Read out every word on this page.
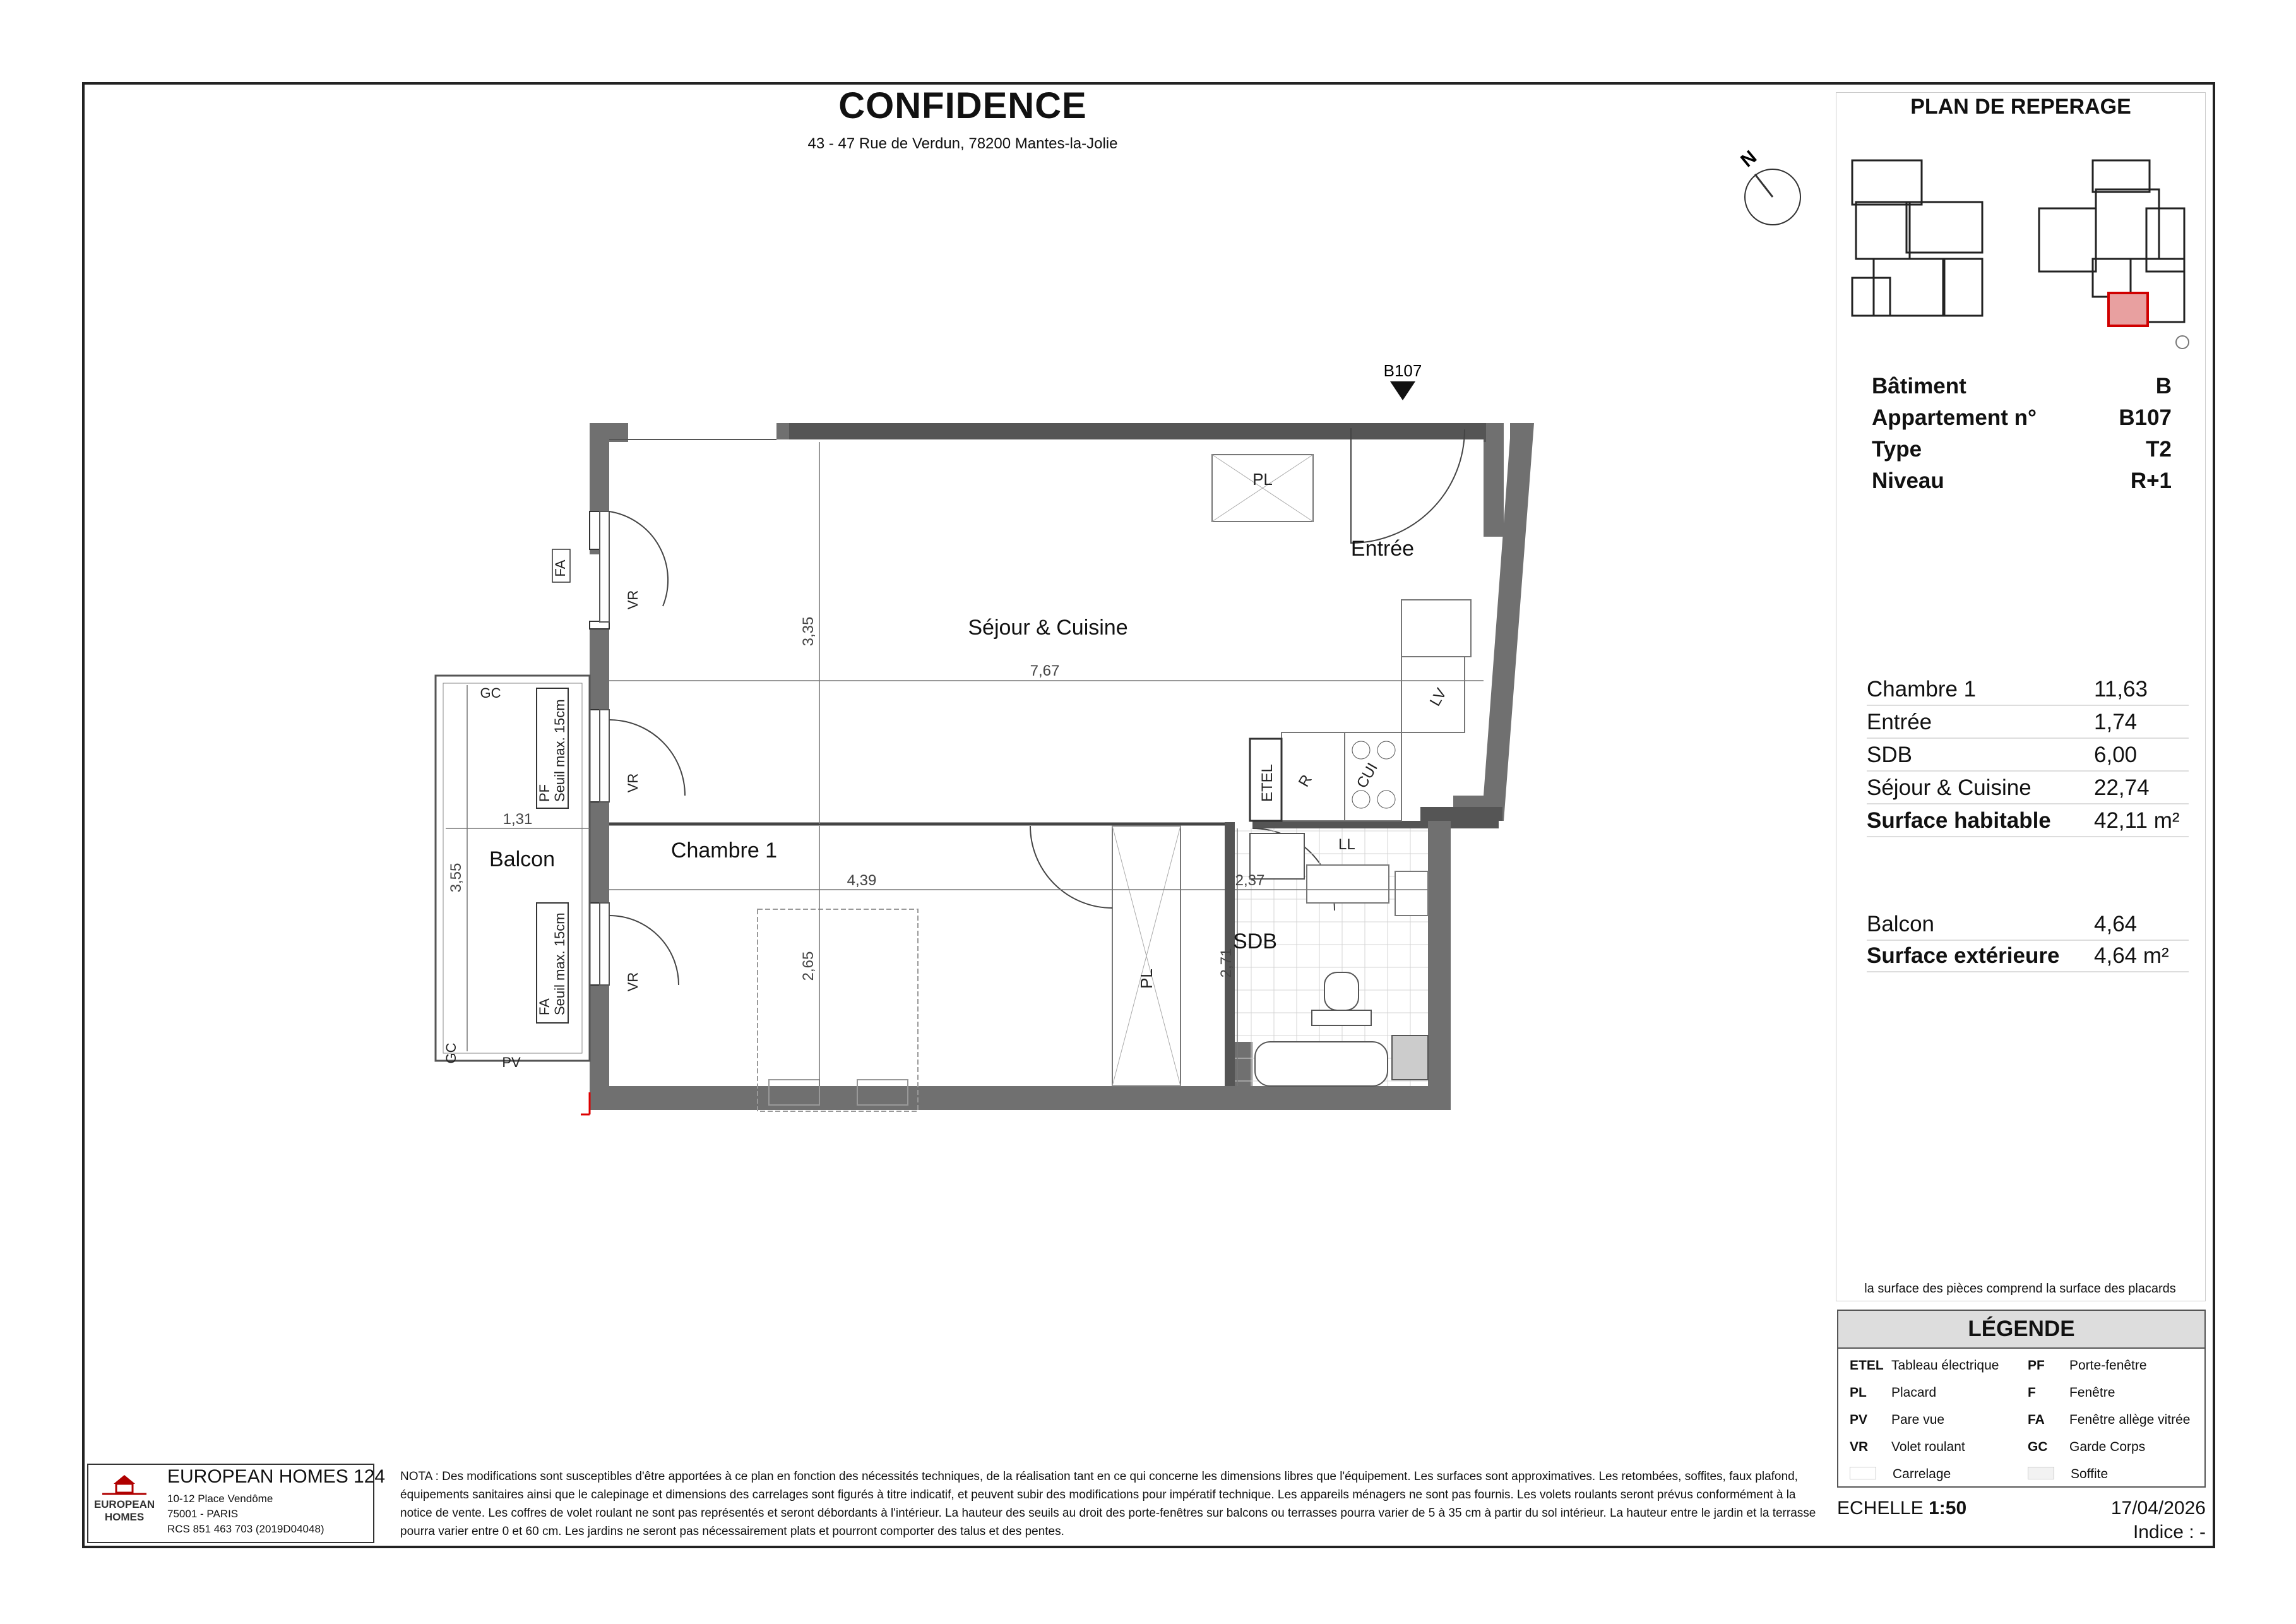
CONFIDENCE
43 - 47 Rue de Verdun, 78200 Mantes-la-Jolie
N
B107
7,67
3,35
4,39	2,37
2,65	2,71
1,31
3,55
Séjour & Cuisine
Entrée
Chambre 1
SDB
Balcon
PL
PL
FA
VR
VR
VR
GC
GC	PV
PF Seuil max. 15cm
FA Seuil max. 15cm
LV
ETEL R CUI
LL
PLAN DE REPERAGE
Bâtiment	B
Appartement n°	B107
Type	T2
Niveau	R+1
Chambre 1	11,63
Entrée	1,74
SDB	6,00
Séjour & Cuisine	22,74
Surface habitable 42,11 m²
Balcon	4,64
Surface extérieure 4,64 m²
la surface des pièces comprend la surface des placards
LÉGENDE
ETEL Tableau électrique
PL	Placard
PV	Pare vue
VR	Volet roulant
Carrelage
PF	Porte-fenêtre
F	Fenêtre
FA	Fenêtre allège vitrée
GC	Garde Corps
Soffite
ECHELLE 1:50	17/04/2026
Indice : -
EUROPEAN
HOMES
EUROPEAN HOMES 124
10-12 Place Vendôme
75001 - PARIS
RCS 851 463 703 (2019D04048)
NOTA : Des modifications sont susceptibles d'être apportées à ce plan en fonction des nécessités techniques, de la réalisation tant en ce qui concerne les dimensions libres que l'équipement. Les surfaces sont approximatives. Les retombées, soffites, faux plafond, équipements sanitaires ainsi que le calepinage et dimensions des carrelages sont figurés à titre indicatif, et peuvent subir des modifications pour impératif technique. Les appareils ménagers ne sont pas fournis. Les volets roulants seront prévus conformément à la notice de vente. Les coffres de volet roulant ne sont pas représentés et seront débordants à l'intérieur. La hauteur des seuils au droit des porte-fenêtres sur balcons ou terrasses pourra varier de 5 à 35 cm à partir du sol intérieur. La hauteur entre le jardin et la terrasse pourra varier entre 0 et 60 cm. Les jardins ne seront pas nécessairement plats et pourront comporter des talus et des pentes.
